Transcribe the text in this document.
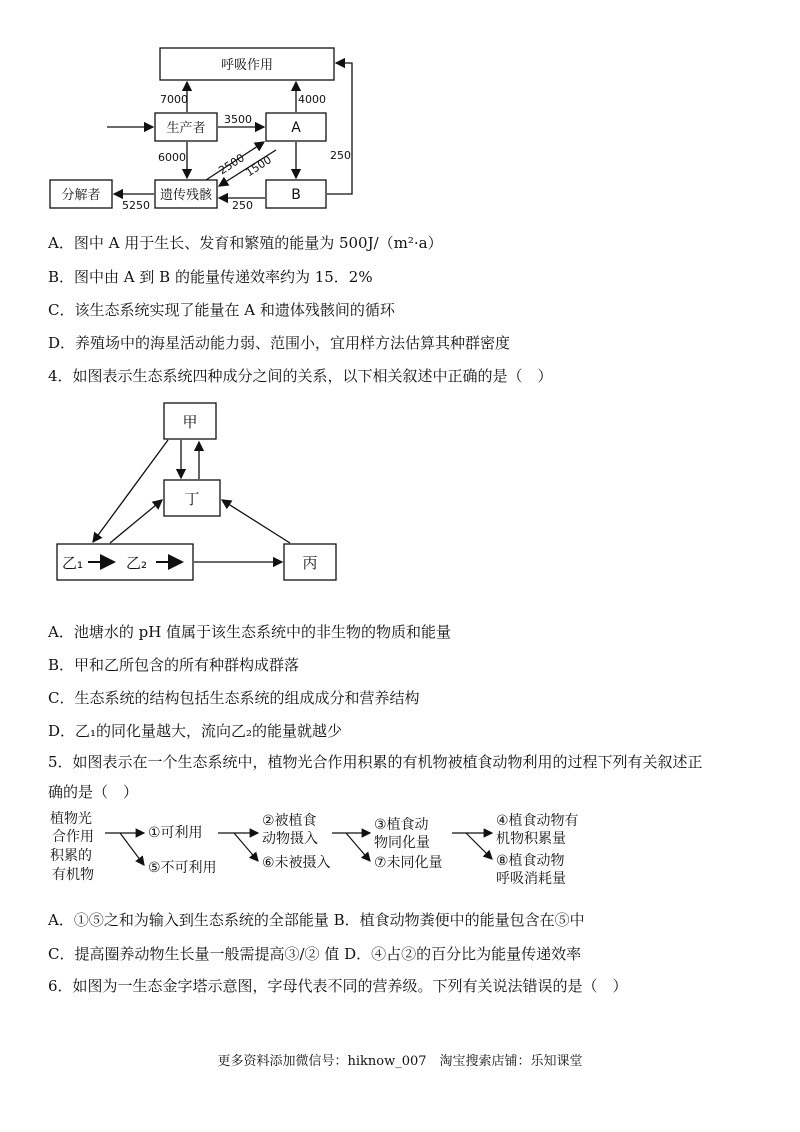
呼吸作用
生产者	A
B
遗传残骸
分解者
7000	4000
3500
6000	2500
1500	250
250
5250
A．图中 A 用于生长、发育和繁殖的能量为 500J/（m²·a）
B．图中由 A 到 B 的能量传递效率约为 15．2%
C．该生态系统实现了能量在 A 和遗体残骸间的循环
D．养殖场中的海星活动能力弱、范围小，宜用样方法估算其种群密度
4．如图表示生态系统四种成分之间的关系，以下相关叙述中正确的是（　）
甲
丁
乙₁	乙₂	丙
A．池塘水的 pH 值属于该生态系统中的非生物的物质和能量
B．甲和乙所包含的所有种群构成群落
C．生态系统的结构包括生态系统的组成成分和营养结构
D．乙₁的同化量越大，流向乙₂的能量就越少
5．如图表示在一个生态系统中，植物光合作用积累的有机物被植食动物利用的过程下列有关叙述正
确的是（　）
植物光
合作用
积累的
有机物
①可利用
⑤不可利用
②被植食
动物摄入
⑥未被摄入
③植食动
物同化量
⑦未同化量
④植食动物有
机物积累量
⑧植食动物
呼吸消耗量
A．①⑤之和为输入到生态系统的全部能量 B．植食动物粪便中的能量包含在⑤中
C．提高圈养动物生长量一般需提高③/② 值 D．④占②的百分比为能量传递效率
6．如图为一生态金字塔示意图，字母代表不同的营养级。下列有关说法错误的是（　）
更多资料添加微信号：hiknow_007　淘宝搜索店铺：乐知课堂
